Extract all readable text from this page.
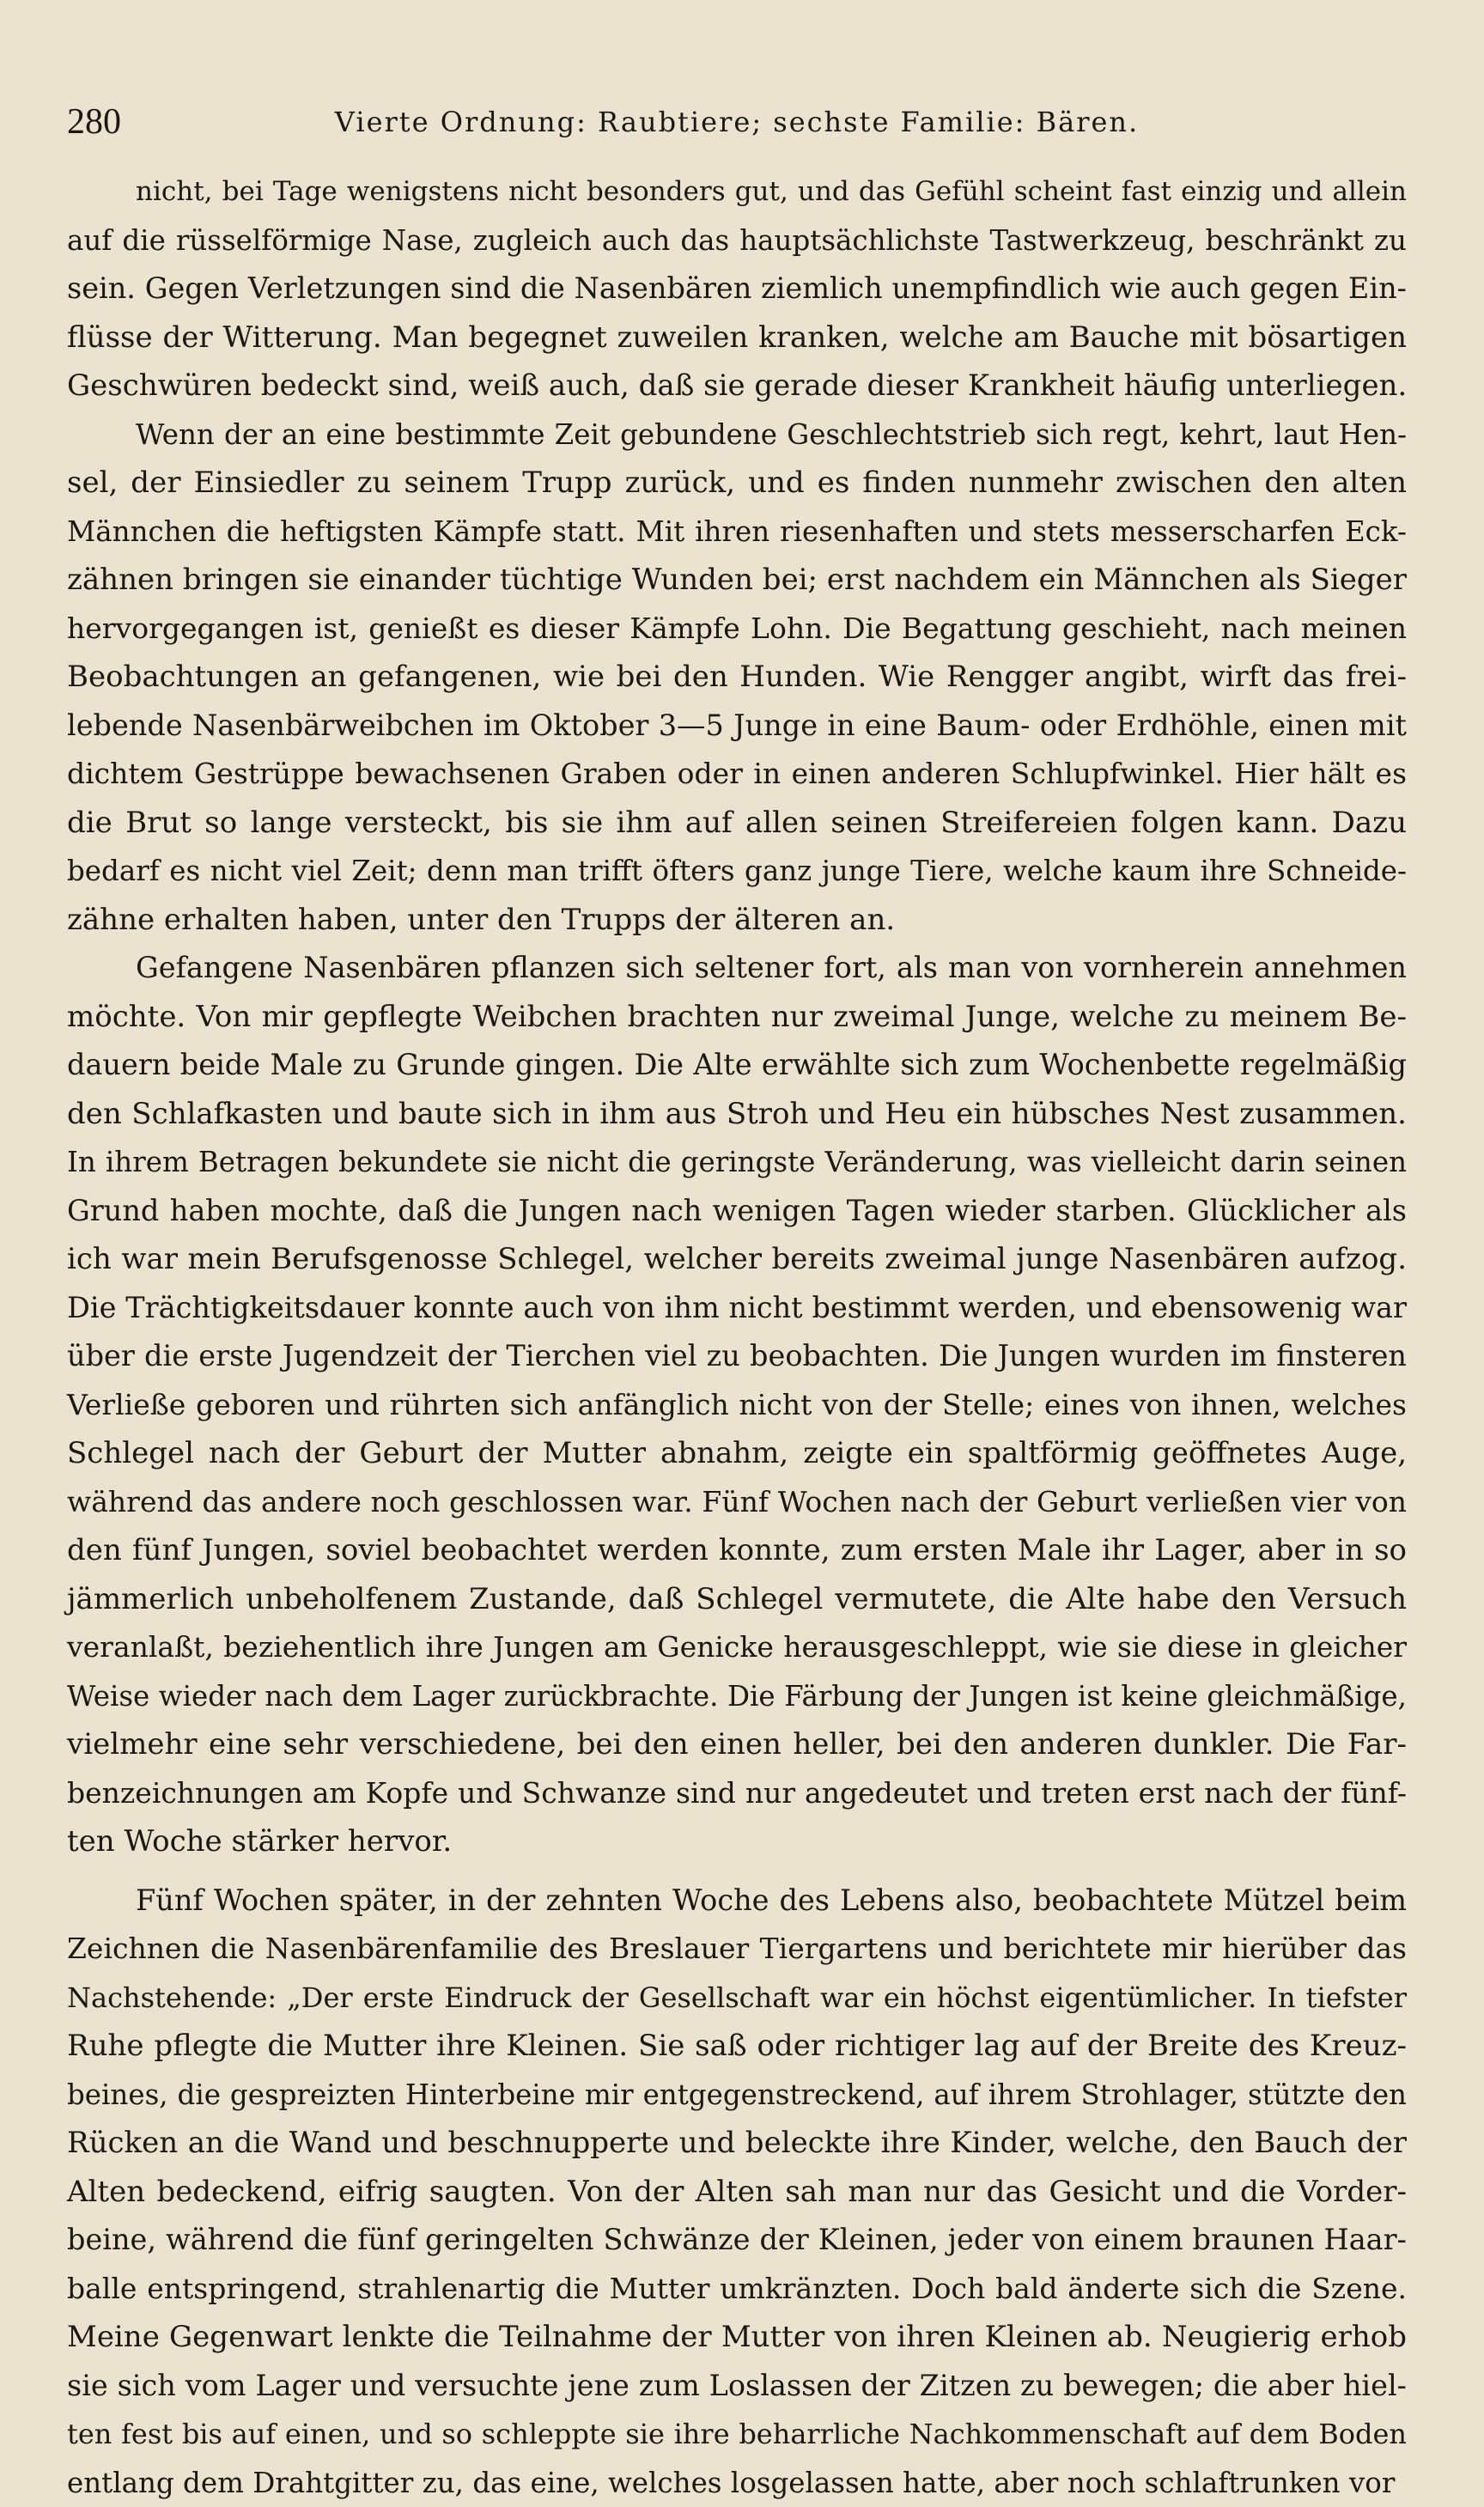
280	Vierte Ordnung: Raubtiere; sechste Familie: Bären.
nicht, bei Tage wenigstens nicht besonders gut, und das Gefühl scheint fast einzig und allein
auf die rüsselförmige Nase, zugleich auch das hauptsächlichste Tastwerkzeug, beschränkt zu
sein. Gegen Verletzungen sind die Nasenbären ziemlich unempfindlich wie auch gegen Ein-
flüsse der Witterung. Man begegnet zuweilen kranken, welche am Bauche mit bösartigen
Geschwüren bedeckt sind, weiß auch, daß sie gerade dieser Krankheit häufig unterliegen.
Wenn der an eine bestimmte Zeit gebundene Geschlechtstrieb sich regt, kehrt, laut Hen-
sel, der Einsiedler zu seinem Trupp zurück, und es finden nunmehr zwischen den alten
Männchen die heftigsten Kämpfe statt. Mit ihren riesenhaften und stets messerscharfen Eck-
zähnen bringen sie einander tüchtige Wunden bei; erst nachdem ein Männchen als Sieger
hervorgegangen ist, genießt es dieser Kämpfe Lohn. Die Begattung geschieht, nach meinen
Beobachtungen an gefangenen, wie bei den Hunden. Wie Rengger angibt, wirft das frei-
lebende Nasenbärweibchen im Oktober 3—5 Junge in eine Baum- oder Erdhöhle, einen mit
dichtem Gestrüppe bewachsenen Graben oder in einen anderen Schlupfwinkel. Hier hält es
die Brut so lange versteckt, bis sie ihm auf allen seinen Streifereien folgen kann. Dazu
bedarf es nicht viel Zeit; denn man trifft öfters ganz junge Tiere, welche kaum ihre Schneide-
zähne erhalten haben, unter den Trupps der älteren an.
Gefangene Nasenbären pflanzen sich seltener fort, als man von vornherein annehmen
möchte. Von mir gepflegte Weibchen brachten nur zweimal Junge, welche zu meinem Be-
dauern beide Male zu Grunde gingen. Die Alte erwählte sich zum Wochenbette regelmäßig
den Schlafkasten und baute sich in ihm aus Stroh und Heu ein hübsches Nest zusammen.
In ihrem Betragen bekundete sie nicht die geringste Veränderung, was vielleicht darin seinen
Grund haben mochte, daß die Jungen nach wenigen Tagen wieder starben. Glücklicher als
ich war mein Berufsgenosse Schlegel, welcher bereits zweimal junge Nasenbären aufzog.
Die Trächtigkeitsdauer konnte auch von ihm nicht bestimmt werden, und ebensowenig war
über die erste Jugendzeit der Tierchen viel zu beobachten. Die Jungen wurden im finsteren
Verließe geboren und rührten sich anfänglich nicht von der Stelle; eines von ihnen, welches
Schlegel nach der Geburt der Mutter abnahm, zeigte ein spaltförmig geöffnetes Auge,
während das andere noch geschlossen war. Fünf Wochen nach der Geburt verließen vier von
den fünf Jungen, soviel beobachtet werden konnte, zum ersten Male ihr Lager, aber in so
jämmerlich unbeholfenem Zustande, daß Schlegel vermutete, die Alte habe den Versuch
veranlaßt, beziehentlich ihre Jungen am Genicke herausgeschleppt, wie sie diese in gleicher
Weise wieder nach dem Lager zurückbrachte. Die Färbung der Jungen ist keine gleichmäßige,
vielmehr eine sehr verschiedene, bei den einen heller, bei den anderen dunkler. Die Far-
benzeichnungen am Kopfe und Schwanze sind nur angedeutet und treten erst nach der fünf-
ten Woche stärker hervor.
Fünf Wochen später, in der zehnten Woche des Lebens also, beobachtete Mützel beim
Zeichnen die Nasenbärenfamilie des Breslauer Tiergartens und berichtete mir hierüber das
Nachstehende: „Der erste Eindruck der Gesellschaft war ein höchst eigentümlicher. In tiefster
Ruhe pflegte die Mutter ihre Kleinen. Sie saß oder richtiger lag auf der Breite des Kreuz-
beines, die gespreizten Hinterbeine mir entgegenstreckend, auf ihrem Strohlager, stützte den
Rücken an die Wand und beschnupperte und beleckte ihre Kinder, welche, den Bauch der
Alten bedeckend, eifrig saugten. Von der Alten sah man nur das Gesicht und die Vorder-
beine, während die fünf geringelten Schwänze der Kleinen, jeder von einem braunen Haar-
balle entspringend, strahlenartig die Mutter umkränzten. Doch bald änderte sich die Szene.
Meine Gegenwart lenkte die Teilnahme der Mutter von ihren Kleinen ab. Neugierig erhob
sie sich vom Lager und versuchte jene zum Loslassen der Zitzen zu bewegen; die aber hiel-
ten fest bis auf einen, und so schleppte sie ihre beharrliche Nachkommenschaft auf dem Boden
entlang dem Drahtgitter zu, das eine, welches losgelassen hatte, aber noch schlaftrunken vor
